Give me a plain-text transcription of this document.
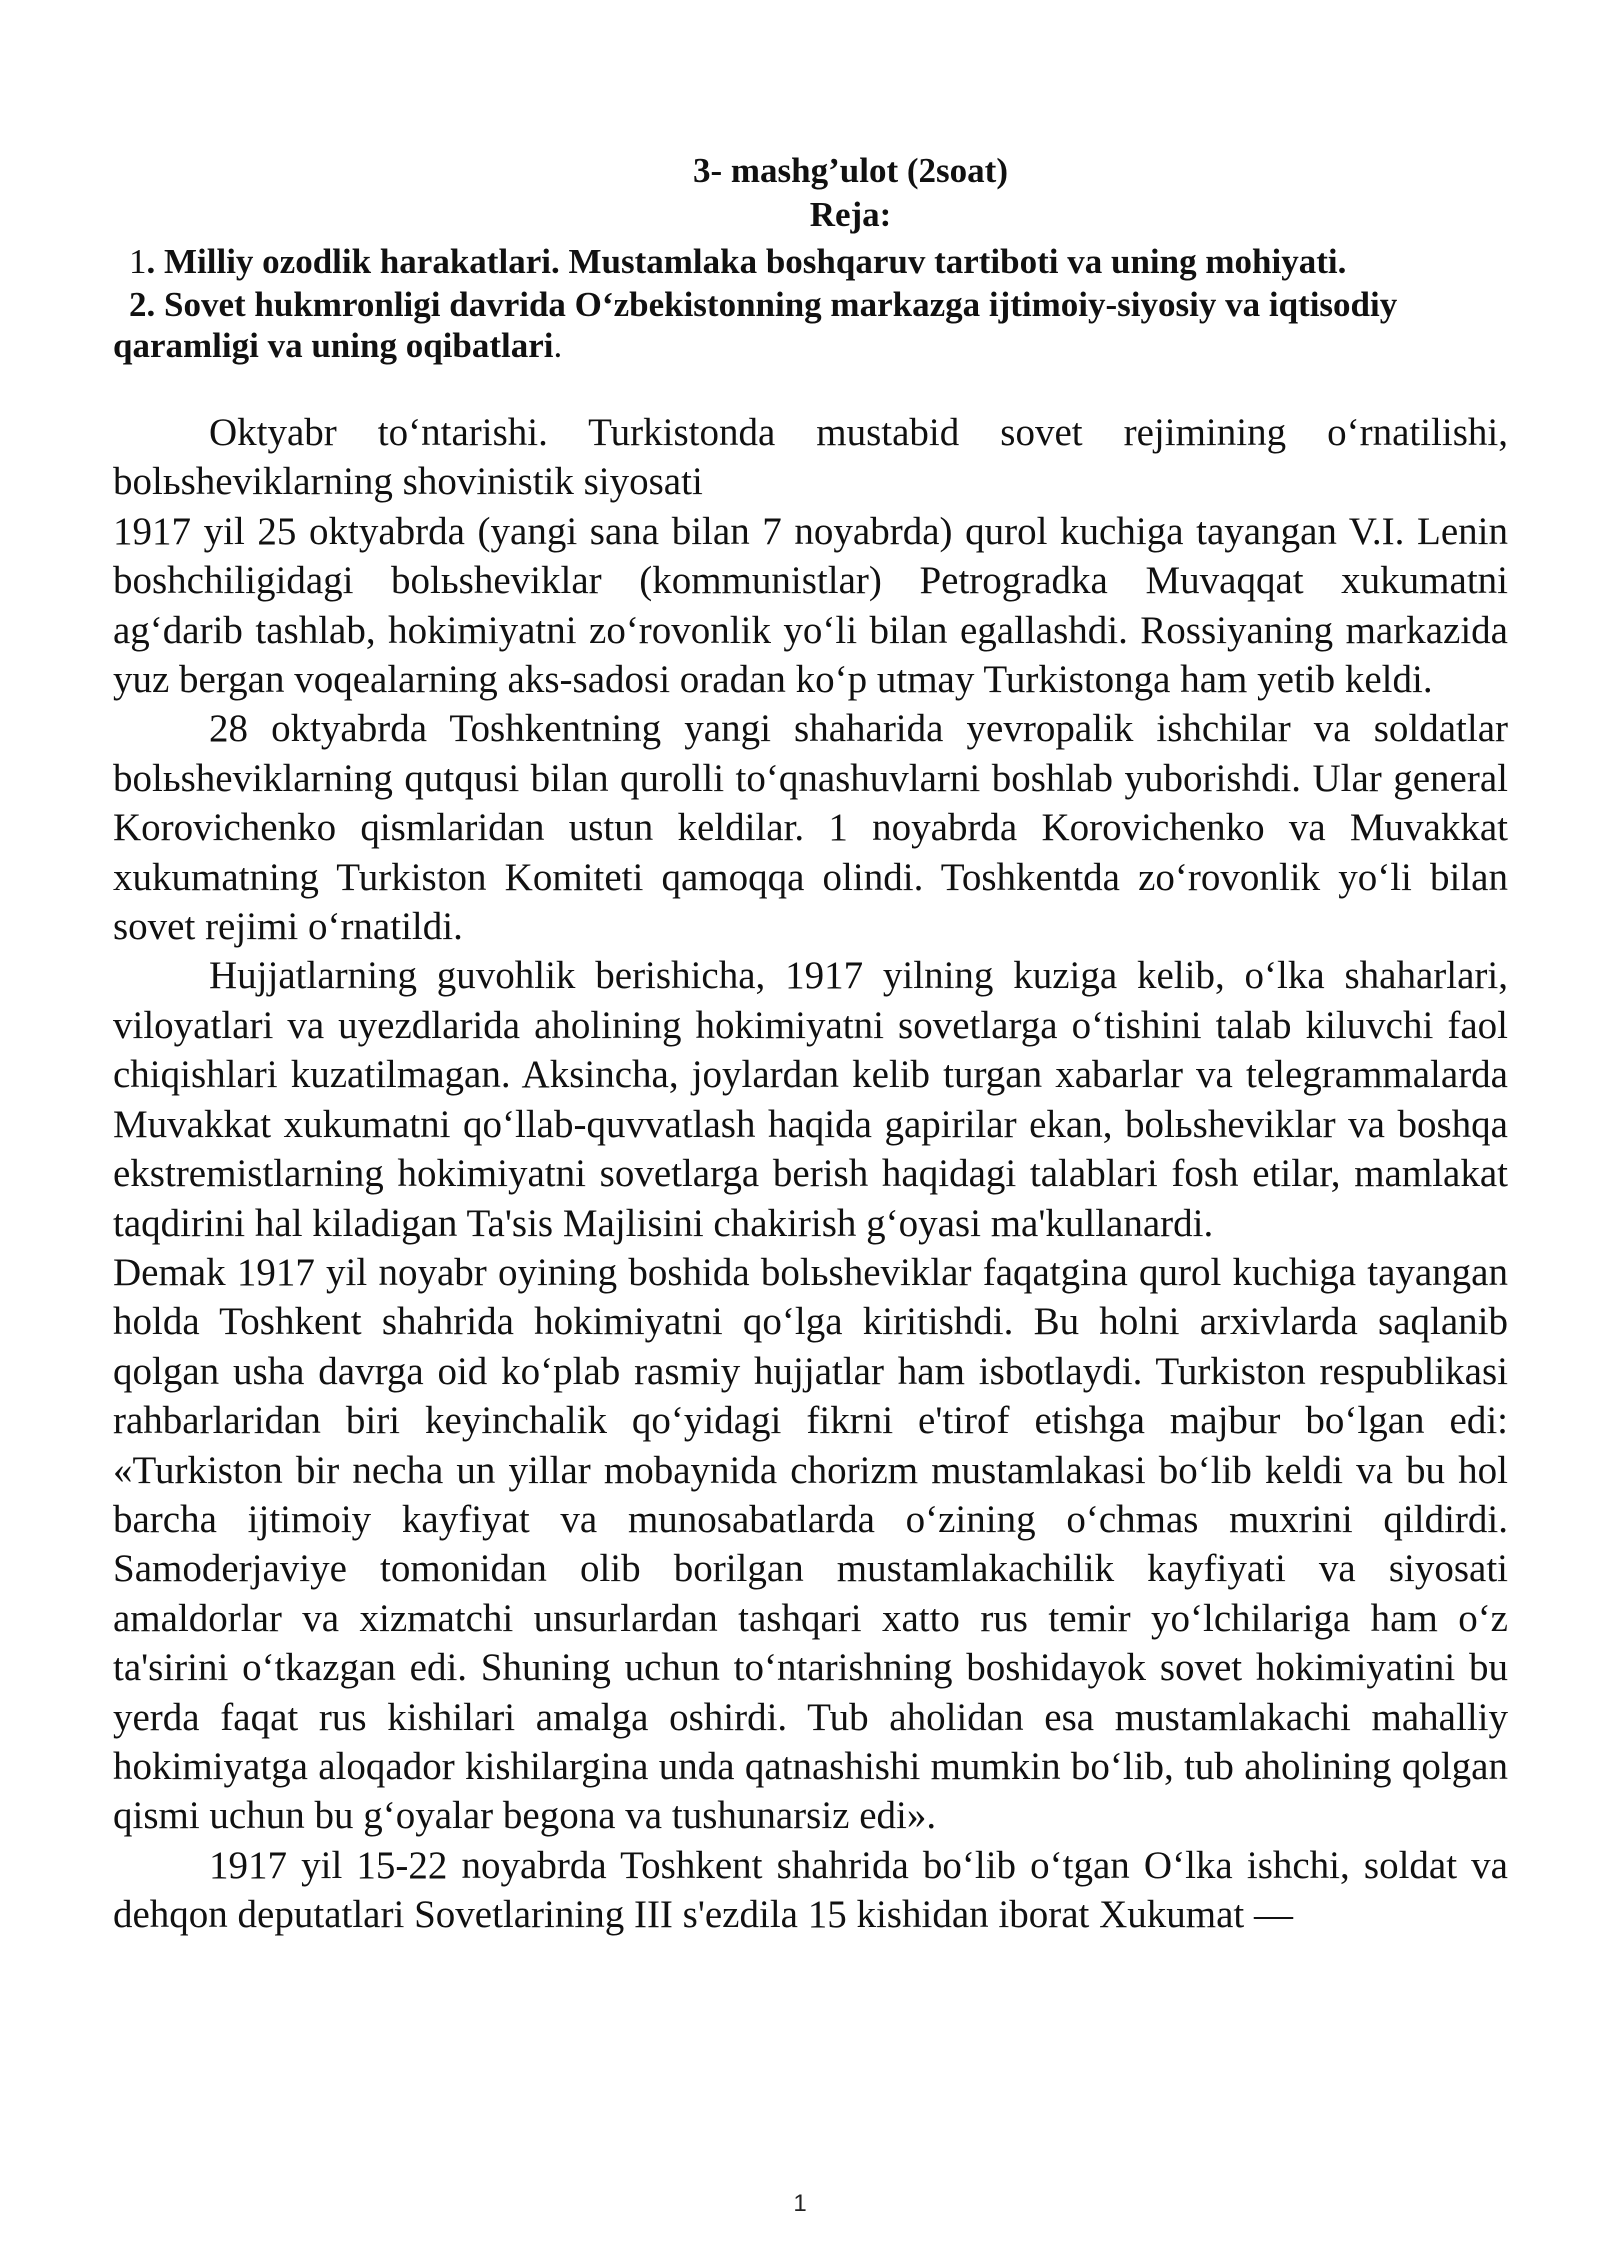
3- mashg’ulot (2soat)
Reja:
1. Milliy ozodlik harakatlari. Mustamlaka boshqaruv tartiboti va uning mohiyati.
2. Sovet hukmronligi davrida O‘zbekistonning markazga ijtimoiy-siyosiy va iqtisodiy qaramligi va uning oqibatlari.

Oktyabr to‘ntarishi. Turkistonda mustabid sovet rejimining o‘rnatilishi, bolьsheviklarning shovinistik siyosati

1917 yil 25 oktyabrda (yangi sana bilan 7 noyabrda) qurol kuchiga tayangan V.I. Lenin boshchiligidagi bolьsheviklar (kommunistlar) Petrogradka Muvaqqat xukumatni ag‘darib tashlab, hokimiyatni zo‘rovonlik yo‘li bilan egallashdi. Rossiyaning markazida yuz bergan voqealarning aks-sadosi oradan ko‘p utmay Turkistonga ham yetib keldi.

28 oktyabrda Toshkentning yangi shaharida yevropalik ishchilar va soldatlar bolьsheviklarning qutqusi bilan qurolli to‘qnashuvlarni boshlab yuborishdi. Ular general Korovichenko qismlaridan ustun keldilar. 1 noyabrda Korovichenko va Muvakkat xukumatning Turkiston Komiteti qamoqqa olindi. Toshkentda zo‘rovonlik yo‘li bilan sovet rejimi o‘rnatildi.

Hujjatlarning guvohlik berishicha, 1917 yilning kuziga kelib, o‘lka shaharlari, viloyatlari va uyezdlarida aholining hokimiyatni sovetlarga o‘tishini talab kiluvchi faol chiqishlari kuzatilmagan. Aksincha, joylardan kelib turgan xabarlar va telegrammalarda Muvakkat xukumatni qo‘llab-quvvatlash haqida gapirilar ekan, bolьsheviklar va boshqa ekstremistlarning hokimiyatni sovetlarga berish haqidagi talablari fosh etilar, mamlakat taqdirini hal kiladigan Ta'sis Majlisini chakirish g‘oyasi ma'kullanardi.

Demak 1917 yil noyabr oyining boshida bolьsheviklar faqatgina qurol kuchiga tayangan holda Toshkent shahrida hokimiyatni qo‘lga kiritishdi. Bu holni arxivlarda saqlanib qolgan usha davrga oid ko‘plab rasmiy hujjatlar ham isbotlaydi. Turkiston respublikasi rahbarlaridan biri keyinchalik qo‘yidagi fikrni e'tirof etishga majbur bo‘lgan edi: «Turkiston bir necha un yillar mobaynida chorizm mustamlakasi bo‘lib keldi va bu hol barcha ijtimoiy kayfiyat va munosabatlarda o‘zining o‘chmas muxrini qildirdi. Samoderjaviye tomonidan olib borilgan mustamlakachilik kayfiyati va siyosati amaldorlar va xizmatchi unsurlardan tashqari xatto rus temir yo‘lchilariga ham o‘z ta'sirini o‘tkazgan edi. Shuning uchun to‘ntarishning boshidayok sovet hokimiyatini bu yerda faqat rus kishilari amalga oshirdi. Tub aholidan esa mustamlakachi mahalliy hokimiyatga aloqador kishilargina unda qatnashishi mumkin bo‘lib, tub aholining qolgan qismi uchun bu g‘oyalar begona va tushunarsiz edi».

1917 yil 15-22 noyabrda Toshkent shahrida bo‘lib o‘tgan O‘lka ishchi, soldat va dehqon deputatlari Sovetlarining III s'ezdila 15 kishidan iborat Xukumat —

1
